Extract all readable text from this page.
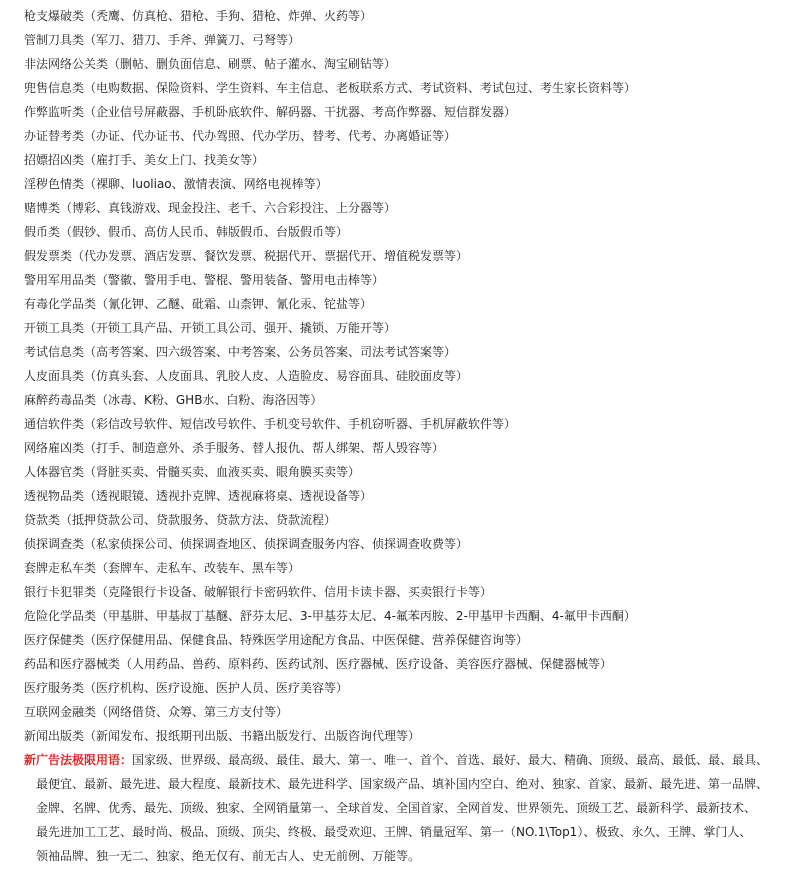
枪支爆破类（秃鹰、仿真枪、猎枪、手狗、猎枪、炸弹、火药等）
管制刀具类（军刀、猎刀、手斧、弹簧刀、弓弩等）
非法网络公关类（删帖、删负面信息、刷票、帖子灌水、淘宝刷钻等）
兜售信息类（电购数据、保险资料、学生资料、车主信息、老板联系方式、考试资料、考试包过、考生家长资料等）
作弊监听类（企业信号屏蔽器、手机卧底软件、解码器、干扰器、考高作弊器、短信群发器）
办证替考类（办证、代办证书、代办驾照、代办学历、替考、代考、办离婚证等）
招嫖招凶类（雇打手、美女上门、找美女等）
淫秽色情类（裸聊、luoliao、激情表演、网络电视棒等）
赌博类（博彩、真钱游戏、现金投注、老千、六合彩投注、上分器等）
假币类（假钞、假币、高仿人民币、韩版假币、台版假币等）
假发票类（代办发票、酒店发票、餐饮发票、税据代开、票据代开、增值税发票等）
警用军用品类（警徽、警用手电、警棍、警用装备、警用电击棒等）
有毒化学品类（氰化钾、乙醚、砒霜、山柰钾、氰化汞、铊盐等）
开锁工具类（开锁工具产品、开锁工具公司、强开、撬锁、万能开等）
考试信息类（高考答案、四六级答案、中考答案、公务员答案、司法考试答案等）
人皮面具类（仿真头套、人皮面具、乳胶人皮、人造脸皮、易容面具、硅胶面皮等）
麻醉药毒品类（冰毒、K粉、GHB水、白粉、海洛因等）
通信软件类（彩信改号软件、短信改号软件、手机变号软件、手机窃听器、手机屏蔽软件等）
网络雇凶类（打手、制造意外、杀手服务、替人报仇、帮人绑架、帮人毁容等）
人体器官类（肾脏买卖、骨髓买卖、血液买卖、眼角膜买卖等）
透视物品类（透视眼镜、透视扑克牌、透视麻将桌、透视设备等）
贷款类（抵押贷款公司、贷款服务、贷款方法、贷款流程）
侦探调查类（私家侦探公司、侦探调查地区、侦探调查服务内容、侦探调查收费等）
套牌走私车类（套牌车、走私车、改装车、黑车等）
银行卡犯罪类（克隆银行卡设备、破解银行卡密码软件、信用卡读卡器、买卖银行卡等）
危险化学品类（甲基肼、甲基叔丁基醚、舒芬太尼、3-甲基芬太尼、4-氟苯丙胺、2-甲基甲卡西酮、4-氟甲卡西酮）
医疗保健类（医疗保健用品、保健食品、特殊医学用途配方食品、中医保健、营养保健咨询等）
药品和医疗器械类（人用药品、兽药、原料药、医药试剂、医疗器械、医疗设备、美容医疗器械、保健器械等）
医疗服务类（医疗机构、医疗设施、医护人员、医疗美容等）
互联网金融类（网络借贷、众筹、第三方支付等）
新闻出版类（新闻发布、报纸期刊出版、书籍出版发行、出版咨询代理等）
新广告法极限用语：国家级、世界级、最高级、最佳、最大、第一、唯一、首个、首选、最好、最大、精确、顶级、最高、最低、最、最具、
最便宜、最新、最先进、最大程度、最新技术、最先进科学、国家级产品、填补国内空白、绝对、独家、首家、最新、最先进、第一品牌、
金牌、名牌、优秀、最先、顶级、独家、全网销量第一、全球首发、全国首家、全网首发、世界领先、顶级工艺、最新科学、最新技术、
最先进加工工艺、最时尚、极品、顶级、顶尖、终极、最受欢迎、王牌、销量冠军、第一（NO.1\Top1）、极致、永久、王牌、掌门人、
领袖品牌、独一无二、独家、绝无仅有、前无古人、史无前例、万能等。
